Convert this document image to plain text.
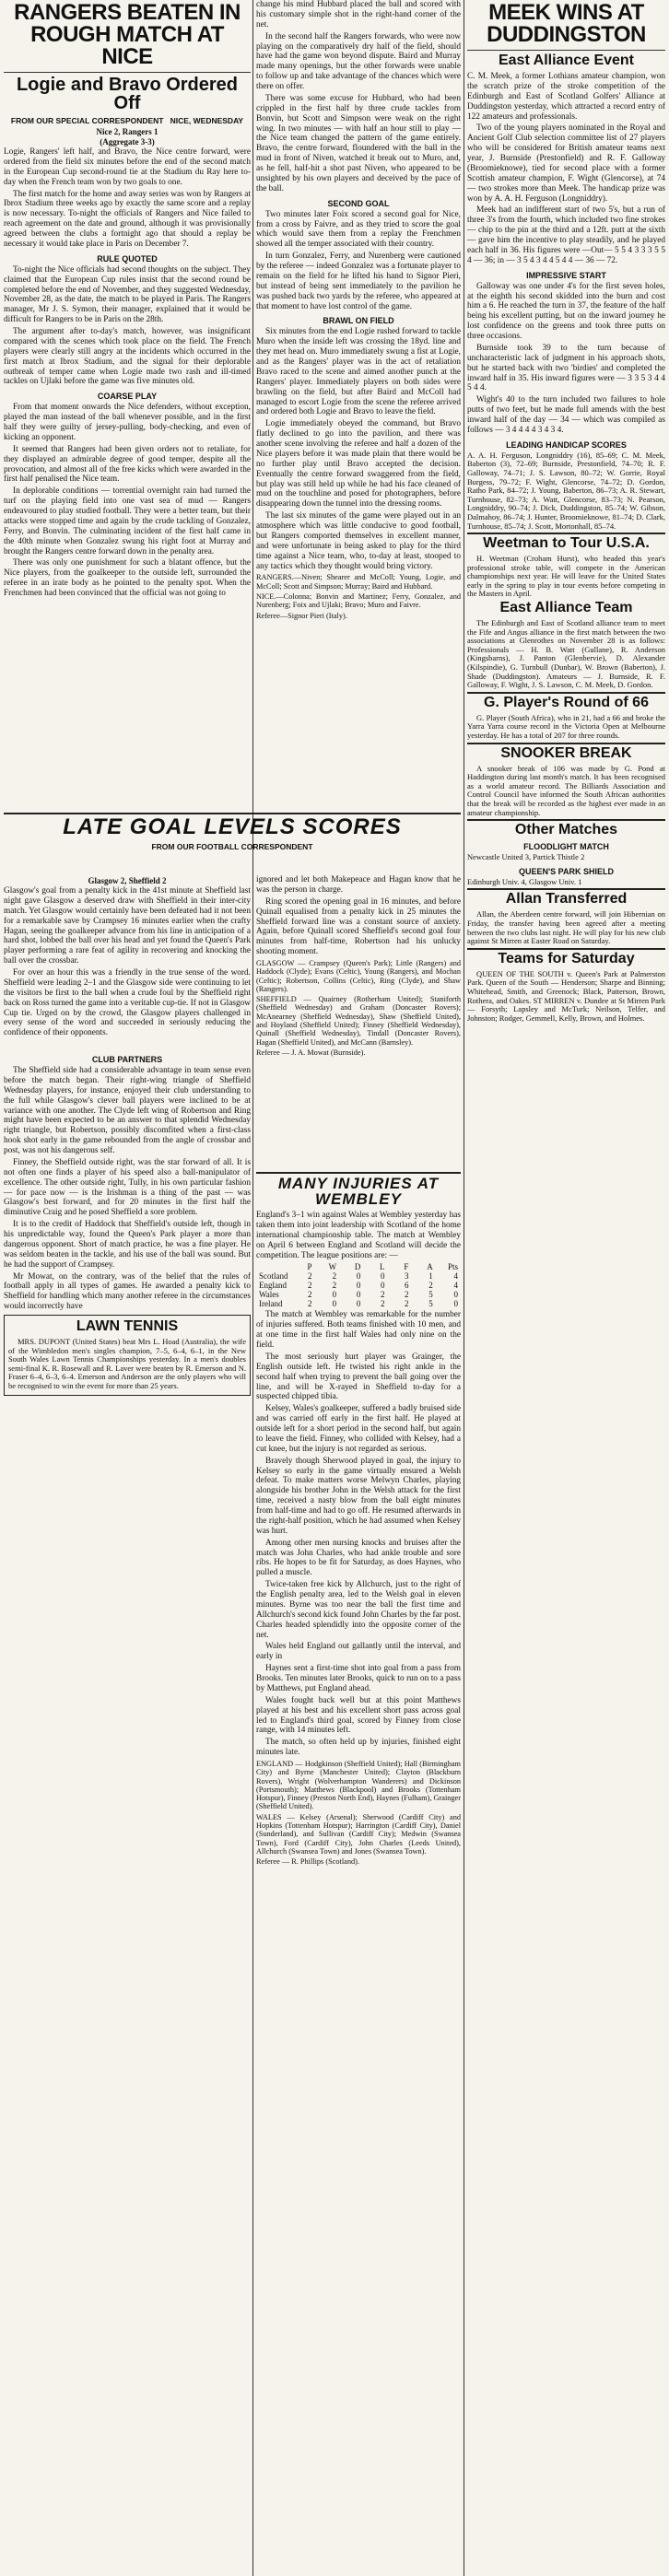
RANGERS BEATEN IN ROUGH MATCH AT NICE
Logie and Bravo Ordered Off
FROM OUR SPECIAL CORRESPONDENT NICE, WEDNESDAY
Nice 2, Rangers 1
(Aggregate 3-3)

Logie, Rangers' left half, and Bravo, the Nice centre forward, were ordered from the field six minutes before the end of the second match in the European Cup second-round tie at the Stadium du Ray here to-day when the French team won by two goals to one.

The first match for the home and away series was won by Rangers at Ibrox Stadium three weeks ago by exactly the same score and a replay is now necessary. To-night the officials of Rangers and Nice failed to reach agreement on the date and ground, although it was provisionally agreed between the clubs a fortnight ago that should a replay be necessary it would take place in Paris on December 7.

RULE QUOTED

To-night the Nice officials had second thoughts on the subject. They claimed that the European Cup rules insist that the second round be completed before the end of November, and they suggested Wednesday, November 28, as the date, the match to be played in Paris. The Rangers manager, Mr J. S. Symon, their manager, explained that it would be difficult for Rangers to be in Paris on the 28th.

The argument after to-day's match, however, was insignificant compared with the scenes which took place on the field. The French players were clearly still angry at the incidents which occurred in the first match at Ibrox Stadium, and the signal for their deplorable outbreak of temper came when Logie made two rash and ill-timed tackles on Ujlaki before the game was five minutes old.

COARSE PLAY

From that moment onwards the Nice defenders, without exception, played the man instead of the ball whenever possible, and in the first half they were guilty of jersey-pulling, body-checking, and even of kicking an opponent.

It seemed that Rangers had been given orders not to retaliate, for they displayed an admirable degree of good temper, despite all the provocation, and almost all of the free kicks which were awarded in the first half penalised the Nice team.

In deplorable conditions — torrential overnight rain had turned the turf on the playing field into one vast sea of mud — Rangers endeavoured to play studied football. They were a better team, but their attacks were stopped time and again by the crude tackling of Gonzalez, Ferry, and Bonvin. The culminating incident of the first half came in the 40th minute when Gonzalez swung his right foot at Murray and brought the Rangers centre forward down in the penalty area.

There was only one punishment for such a blatant offence, but the Nice players, from the goalkeeper to the outside left, surrounded the referee in an irate body as he pointed to the penalty spot. When the Frenchmen had been convinced that the official was not going to

change his mind Hubbard placed the ball and scored with his customary simple shot in the right-hand corner of the net.

In the second half the Rangers forwards, who were now playing on the comparatively dry half of the field, should have had the game won beyond dispute. Baird and Murray made many openings, but the other forwards were unable to follow up and take advantage of the chances which were there on offer.

There was some excuse for Hubbard, who had been crippled in the first half by three crude tackles from Bonvin, but Scott and Simpson were weak on the right wing. In two minutes — with half an hour still to play — the Nice team changed the pattern of the game entirely. Bravo, the centre forward, floundered with the ball in the mud in front of Niven, watched it break out to Muro, and, as he fell, half-hit a shot past Niven, who appeared to be unsighted by his own players and deceived by the pace of the ball.

SECOND GOAL

Two minutes later Foix scored a second goal for Nice, from a cross by Faivre, and as they tried to score the goal which would save them from a replay the Frenchmen showed all the temper associated with their country.

In turn Gonzalez, Ferry, and Nurenberg were cautioned by the referee — indeed Gonzalez was a fortunate player to remain on the field for he lifted his hand to Signor Pieri, but instead of being sent immediately to the pavilion he was pushed back two yards by the referee, who appeared at that moment to have lost control of the game.

BRAWL ON FIELD

Six minutes from the end Logie rushed forward to tackle Muro when the inside left was crossing the 18yd. line and they met head on. Muro immediately swung a fist at Logie, and as the Rangers' player was in the act of retaliation Bravo raced to the scene and aimed another punch at the Rangers' player. Immediately players on both sides were brawling on the field, but after Baird and McColl had managed to escort Logie from the scene the referee arrived and ordered both Logie and Bravo to leave the field.

Logie immediately obeyed the command, but Bravo flatly declined to go into the pavilion, and there was another scene involving the referee and half a dozen of the Nice players before it was made plain that there would be no further play until Bravo accepted the decision. Eventually the centre forward swaggered from the field, but play was still held up while he had his face cleaned of mud on the touchline and posed for photographers, before disappearing down the tunnel into the dressing rooms.

The last six minutes of the game were played out in an atmosphere which was little conducive to good football, but Rangers comported themselves in excellent manner, and were unfortunate in being asked to play for the third time against a Nice team, who, to-day at least, stooped to any tactics which they thought would bring victory.

RANGERS.—Niven; Shearer and McColl; Young, Logie, and McColl; Scott and Simpson; Murray; Baird and Hubbard.

NICE.—Colonna; Bonvin and Martinez; Ferry, Gonzalez, and Nurenberg; Foix and Ujlaki; Bravo; Muro and Faivre.

Referee—Signor Pieri (Italy).

MEEK WINS AT DUDDINGSTON
East Alliance Event

C. M. Meek, a former Lothians amateur champion, won the scratch prize of the stroke competition of the Edinburgh and East of Scotland Golfers' Alliance at Duddingston yesterday, which attracted a record entry of 122 amateurs and professionals.

Two of the young players nominated in the Royal and Ancient Golf Club selection committee list of 27 players who will be considered for British amateur teams next year, J. Burnside (Prestonfield) and R. F. Galloway (Broomieknowe), tied for second place with a former Scottish amateur champion, F. Wight (Glencorse), at 74 — two strokes more than Meek. The handicap prize was won by A. A. H. Ferguson (Longniddry).

Meek had an indifferent start of two 5's, but a run of three 3's from the fourth, which included two fine strokes — chip to the pin at the third and a 12ft. putt at the sixth — gave him the incentive to play steadily, and he played each half in 36. His figures were —Out— 5 5 4 3 3 3 5 5 4 — 36; in — 3 5 4 3 4 4 5 4 4 — 36 — 72.

IMPRESSIVE START

Galloway was one under 4's for the first seven holes, at the eighth his second skidded into the burn and cost him a 6. He reached the turn in 37, the feature of the half being his excellent putting, but on the inward journey he lost confidence on the greens and took three putts on three occasions.

Burnside took 39 to the turn because of uncharacteristic lack of judgment in his approach shots, but he started back with two 'birdies' and completed the inward half in 35. His inward figures were — 3 3 5 3 4 4 5 4 4.

Wight's 40 to the turn included two failures to hole putts of two feet, but he made full amends with the best inward half of the day — 34 — which was compiled as follows — 3 4 4 4 4 3 4 3 4.

LEADING HANDICAP SCORES

A. A. H. Ferguson, Longniddry (16), 85–69; C. M. Meek, Baberton (3), 72–69; Burnside, Prestonfield, 74–70; R. F. Galloway, 74–71; J. S. Lawson, 80–72; W. Gorrie, Royal Burgess, 79–72; F. Wight, Glencorse, 74–72; D. Gordon, Ratho Park, 84–72; J. Young, Baberton, 86–73; A. R. Stewart, Turnhouse, 82–73; A. Watt, Glencorse, 83–73; N. Pearson, Longniddry, 90–74; J. Dick, Duddingston, 85–74; W. Gibson, Dalmahoy, 86–74; J. Hunter, Broomieknowe, 81–74; D. Clark, Turnhouse, 85–74; J. Scott, Mortonhall, 85–74.

Weetman to Tour U.S.A.

H. Weetman (Croham Hurst), who headed this year's professional stroke table, will compete in the American championships next year. He will leave for the United States early in the spring to play in tour events before competing in the Masters in April.

East Alliance Team

The Edinburgh and East of Scotland alliance team to meet the Fife and Angus alliance in the first match between the two associations at Glenrothes on November 28 is as follows: Professionals — H. B. Watt (Gullane), R. Anderson (Kingsbarns), J. Panton (Glenbervie), D. Alexander (Kilspindie), G. Turnbull (Dunbar), W. Brown (Baberton), J. Shade (Duddingston). Amateurs — J. Burnside, R. F. Galloway, F. Wight, J. S. Lawson, C. M. Meek, D. Gordon.

G. Player's Round of 66

G. Player (South Africa), who in 21, had a 66 and broke the Yarra Yarra course record in the Victoria Open at Melbourne yesterday. He has a total of 207 for three rounds.

SNOOKER BREAK

A snooker break of 106 was made by G. Pond at Haddington during last month's match. It has been recognised as a world amateur record. The Billiards Association and Control Council have informed the South African authorities that the break will be recorded as the highest ever made in an amateur championship.

Other Matches
FLOODLIGHT MATCH

Newcastle United 3, Partick Thistle 2

QUEEN'S PARK SHIELD

Edinburgh Univ. 4, Glasgow Univ. 1

Allan Transferred

Allan, the Aberdeen centre forward, will join Hibernian on Friday, the transfer having been agreed after a meeting between the two clubs last night. He will play for his new club against St Mirren at Easter Road on Saturday.

Teams for Saturday

QUEEN OF THE SOUTH v. Queen's Park at Palmerston Park. Queen of the South — Henderson; Sharpe and Binning; Whitehead, Smith, and Greenock; Black, Patterson, Brown, Rothera, and Oakes. ST MIRREN v. Dundee at St Mirren Park — Forsyth; Lapsley and McTurk; Neilson, Telfer, and Johnston; Rodger, Gemmell, Kelly, Brown, and Holmes.

LATE GOAL LEVELS SCORES
FROM OUR FOOTBALL CORRESPONDENT
Glasgow 2, Sheffield 2

Glasgow's goal from a penalty kick in the 41st minute at Sheffield last night gave Glasgow a deserved draw with Sheffield in their inter-city match. Yet Glasgow would certainly have been defeated had it not been for a remarkable save by Crampsey 16 minutes earlier when the crafty Hagan, seeing the goalkeeper advance from his line in anticipation of a hard shot, lobbed the ball over his head and yet found the Queen's Park player performing a rare feat of agility in recovering and knocking the ball over the crossbar.

For over an hour this was a friendly in the true sense of the word. Sheffield were leading 2–1 and the Glasgow side were continuing to let the visitors be first to the ball when a crude foul by the Sheffield right back on Ross turned the game into a veritable cup-tie. If not in Glasgow Cup tie. Urged on by the crowd, the Glasgow players challenged in every sense of the word and succeeded in seriously reducing the confidence of their opponents.

ignored and let both Makepeace and Hagan know that he was the person in charge.

Ring scored the opening goal in 16 minutes, and before Quinall equalised from a penalty kick in 25 minutes the Sheffield forward line was a constant source of anxiety. Again, before Quinall scored Sheffield's second goal four minutes from half-time, Robertson had his unlucky shooting moment.

GLASGOW — Crampsey (Queen's Park); Little (Rangers) and Haddock (Clyde); Evans (Celtic), Young (Rangers), and Mochan (Celtic); Robertson, Collins (Celtic), Ring (Clyde), and Shaw (Rangers).

SHEFFIELD — Quairney (Rotherham United); Staniforth (Sheffield Wednesday) and Graham (Doncaster Rovers); McAnearney (Sheffield Wednesday), Shaw (Sheffield United), and Hoyland (Sheffield United); Finney (Sheffield Wednesday), Quinall (Sheffield Wednesday), Tindall (Doncaster Rovers), Hagan (Sheffield United), and McCann (Barnsley).

Referee — J. A. Mowat (Burnside).

CLUB PARTNERS

The Sheffield side had a considerable advantage in team sense even before the match began. Their right-wing triangle of Sheffield Wednesday players, for instance, enjoyed their club understanding to the full while Glasgow's clever ball players were inclined to be at variance with one another. The Clyde left wing of Robertson and Ring might have been expected to be an answer to that splendid Wednesday right triangle, but Robertson, possibly discomfited when a first-class hook shot early in the game rebounded from the angle of crossbar and post, was not his dangerous self.

Finney, the Sheffield outside right, was the star forward of all. It is not often one finds a player of his speed also a ball-manipulator of excellence. The other outside right, Tully, in his own particular fashion — for pace now — is the Irishman is a thing of the past — was Glasgow's best forward, and for 20 minutes in the first half the diminutive Craig and he posed Sheffield a sore problem.

It is to the credit of Haddock that Sheffield's outside left, though in his unpredictable way, found the Queen's Park player a more than dangerous opponent. Short of match practice, he was a fine player. He was seldom beaten in the tackle, and his use of the ball was sound. But he had the support of Crampsey.

Mr Mowat, on the contrary, was of the belief that the rules of football apply in all types of games. He awarded a penalty kick to Sheffield for handling which many another referee in the circumstances would incorrectly have

LAWN TENNIS

MRS. DUPONT (United States) beat Mrs L. Hoad (Australia), the wife of the Wimbledon men's singles champion, 7–5, 6–4, 6–1, in the New South Wales Lawn Tennis Championships yesterday. In a men's doubles semi-final K. R. Rosewall and R. Laver were beaten by R. Emerson and N. Fraser 6–4, 6–3, 6–4. Emerson and Anderson are the only players who will be recognised to win the event for more than 25 years.

MANY INJURIES AT WEMBLEY

England's 3–1 win against Wales at Wembley yesterday has taken them into joint leadership with Scotland of the home international championship table. The match at Wembley on April 6 between England and Scotland will decide the competition. The league positions are: —

	P	W	D	L	F	A	Pts
Scotland	2	2	0	0	3	1	4
England	2	2	0	0	6	2	4
Wales	2	0	0	2	2	5	0
Ireland	2	0	0	2	2	5	0

The match at Wembley was remarkable for the number of injuries suffered. Both teams finished with 10 men, and at one time in the first half Wales had only nine on the field.

The most seriously hurt player was Grainger, the English outside left. He twisted his right ankle in the second half when trying to prevent the ball going over the line, and will be X-rayed in Sheffield to-day for a suspected chipped tibia.

Kelsey, Wales's goalkeeper, suffered a badly bruised side and was carried off early in the first half. He played at outside left for a short period in the second half, but again to leave the field. Finney, who collided with Kelsey, had a cut knee, but the injury is not regarded as serious.

Bravely though Sherwood played in goal, the injury to Kelsey so early in the game virtually ensured a Welsh defeat. To make matters worse Melwyn Charles, playing alongside his brother John in the Welsh attack for the first time, received a nasty blow from the ball eight minutes from half-time and had to go off. He resumed afterwards in the right-half position, which he had assumed when Kelsey was hurt.

Among other men nursing knocks and bruises after the match was John Charles, who had ankle trouble and sore ribs. He hopes to be fit for Saturday, as does Haynes, who pulled a muscle.

Twice-taken free kick by Allchurch, just to the right of the English penalty area, led to the Welsh goal in eleven minutes. Byrne was too near the ball the first time and Allchurch's second kick found John Charles by the far post. Charles headed splendidly into the opposite corner of the net.

Wales held England out gallantly until the interval, and early in

Haynes sent a first-time shot into goal from a pass from Brooks. Ten minutes later Brooks, quick to run on to a pass by Matthews, put England ahead.

Wales fought back well but at this point Matthews played at his best and his excellent short pass across goal led to England's third goal, scored by Finney from close range, with 14 minutes left.

The match, so often held up by injuries, finished eight minutes late.

ENGLAND — Hodgkinson (Sheffield United); Hall (Birmingham City) and Byrne (Manchester United); Clayton (Blackburn Rovers), Wright (Wolverhampton Wanderers) and Dickinson (Portsmouth); Matthews (Blackpool) and Brooks (Tottenham Hotspur), Finney (Preston North End), Haynes (Fulham), Grainger (Sheffield United).

WALES — Kelsey (Arsenal); Sherwood (Cardiff City) and Hopkins (Tottenham Hotspur); Harrington (Cardiff City), Daniel (Sunderland), and Sullivan (Cardiff City); Medwin (Swansea Town), Ford (Cardiff City), John Charles (Leeds United), Allchurch (Swansea Town) and Jones (Swansea Town).

Referee — R. Phillips (Scotland).
